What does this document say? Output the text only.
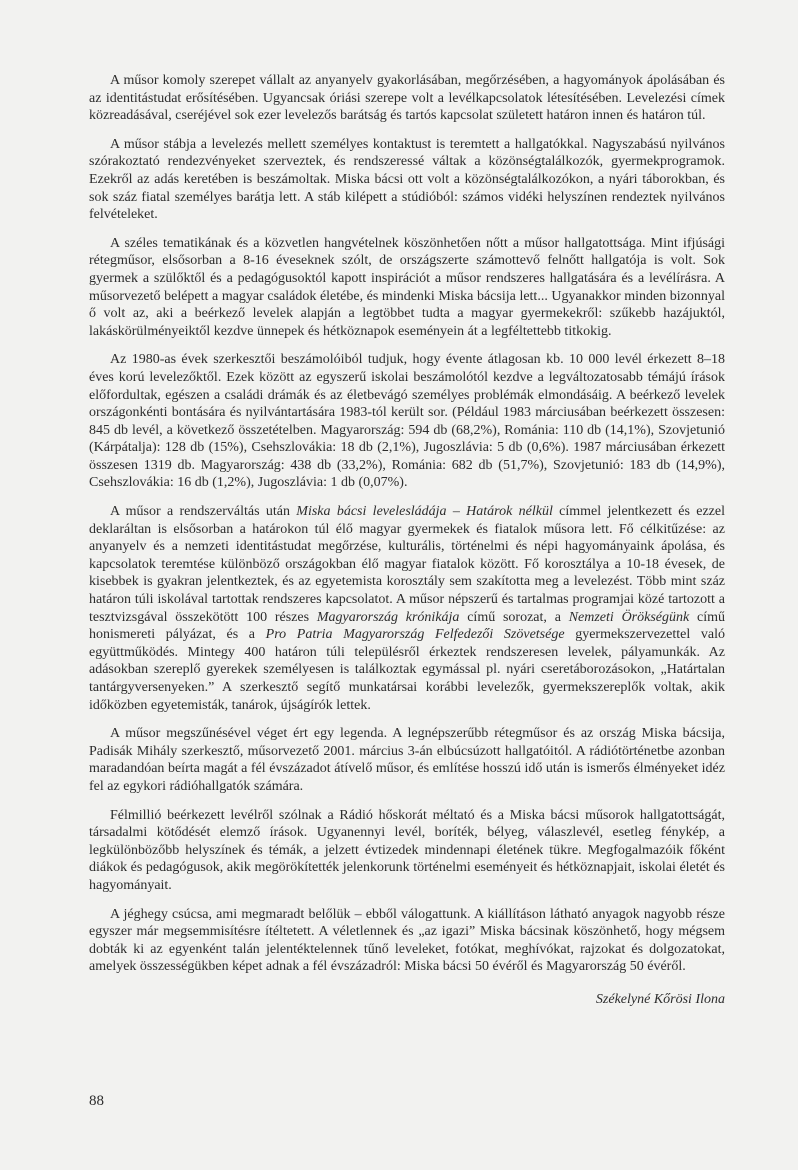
A műsor komoly szerepet vállalt az anyanyelv gyakorlásában, megőrzésében, a hagyományok ápolásában és az identitástudat erősítésében. Ugyancsak óriási szerepe volt a levélkapcsolatok létesítésében. Levelezési címek közreadásával, cseréjével sok ezer levelezős barátság és tartós kapcsolat született határon innen és határon túl.

A műsor stábja a levelezés mellett személyes kontaktust is teremtett a hallgatókkal. Nagyszabású nyilvános szórakoztató rendezvényeket szerveztek, és rendszeressé váltak a közönségtalálkozók, gyermekprogramok. Ezekről az adás keretében is beszámoltak. Miska bácsi ott volt a közönségtalálkozókon, a nyári táborokban, és sok száz fiatal személyes barátja lett. A stáb kilépett a stúdióból: számos vidéki helyszínen rendeztek nyilvános felvételeket.

A széles tematikának és a közvetlen hangvételnek köszönhetően nőtt a műsor hallgatottsága. Mint ifjúsági rétegműsor, elsősorban a 8-16 éveseknek szólt, de országszerte számottevő felnőtt hallgatója is volt. Sok gyermek a szülőktől és a pedagógusoktól kapott inspirációt a műsor rendszeres hallgatására és a levélírásra. A műsorvezető belépett a magyar családok életébe, és mindenki Miska bácsija lett... Ugyanakkor minden bizonnyal ő volt az, aki a beérkező levelek alapján a legtöbbet tudta a magyar gyermekekről: szűkebb hazájuktól, lakáskörülményeiktől kezdve ünnepek és hétköznapok eseményein át a legféltettebb titkokig.

Az 1980-as évek szerkesztői beszámolóiból tudjuk, hogy évente átlagosan kb. 10 000 levél érkezett 8–18 éves korú levelezőktől. Ezek között az egyszerű iskolai beszámolótól kezdve a legváltozatosabb témájú írások előfordultak, egészen a családi drámák és az életbevágó személyes problémák elmondásáig. A beérkező levelek országonkénti bontására és nyilvántartására 1983-tól került sor. (Például 1983 márciusában beérkezett összesen: 845 db levél, a következő összetételben. Magyarország: 594 db (68,2%), Románia: 110 db (14,1%), Szovjetunió (Kárpátalja): 128 db (15%), Csehszlovákia: 18 db (2,1%), Jugoszlávia: 5 db (0,6%). 1987 márciusában érkezett összesen 1319 db. Magyarország: 438 db (33,2%), Románia: 682 db (51,7%), Szovjetunió: 183 db (14,9%), Csehszlovákia: 16 db (1,2%), Jugoszlávia: 1 db (0,07%).

A műsor a rendszerváltás után Miska bácsi levelesládája – Határok nélkül címmel jelentkezett és ezzel deklaráltan is elsősorban a határokon túl élő magyar gyermekek és fiatalok műsora lett. Fő célkitűzése: az anyanyelv és a nemzeti identitástudat megőrzése, kulturális, történelmi és népi hagyományaink ápolása, és kapcsolatok teremtése különböző országokban élő magyar fiatalok között. Fő korosztálya a 10-18 évesek, de kisebbek is gyakran jelentkeztek, és az egyetemista korosztály sem szakította meg a levelezést. Több mint száz határon túli iskolával tartottak rendszeres kapcsolatot. A műsor népszerű és tartalmas programjai közé tartozott a tesztvizsgával összekötött 100 részes Magyarország krónikája című sorozat, a Nemzeti Örökségünk című honismereti pályázat, és a Pro Patria Magyarország Felfedezői Szövetsége gyermekszervezettel való együttműködés. Mintegy 400 határon túli településről érkeztek rendszeresen levelek, pályamunkák. Az adásokban szereplő gyerekek személyesen is találkoztak egymással pl. nyári cseretáborozásokon, „Határtalan tantárgyversenyeken.” A szerkesztő segítő munkatársai korábbi levelezők, gyermekszereplők voltak, akik időközben egyetemisták, tanárok, újságírók lettek.

A műsor megszűnésével véget ért egy legenda. A legnépszerűbb rétegműsor és az ország Miska bácsija, Padisák Mihály szerkesztő, műsorvezető 2001. március 3-án elbúcsúzott hallgatóitól. A rádiótörténetbe azonban maradandóan beírta magát a fél évszázadot átívelő műsor, és említése hosszú idő után is ismerős élményeket idéz fel az egykori rádióhallgatók számára.

Félmillió beérkezett levélről szólnak a Rádió hőskorát méltató és a Miska bácsi műsorok hallgatottságát, társadalmi kötődését elemző írások. Ugyanennyi levél, boríték, bélyeg, válaszlevél, esetleg fénykép, a legkülönbözőbb helyszínek és témák, a jelzett évtizedek mindennapi életének tükre. Megfogalmazóik főként diákok és pedagógusok, akik megörökítették jelenkorunk történelmi eseményeit és hétköznapjait, iskolai életét és hagyományait.

A jéghegy csúcsa, ami megmaradt belőlük – ebből válogattunk. A kiállításon látható anyagok nagyobb része egyszer már megsemmisítésre ítéltetett. A véletlennek és „az igazi” Miska bácsinak köszönhető, hogy mégsem dobták ki az egyenként talán jelentéktelennek tűnő leveleket, fotókat, meghívókat, rajzokat és dolgozatokat, amelyek összességükben képet adnak a fél évszázadról: Miska bácsi 50 évéről és Magyarország 50 évéről.

Székelyné Kőrösi Ilona
88
